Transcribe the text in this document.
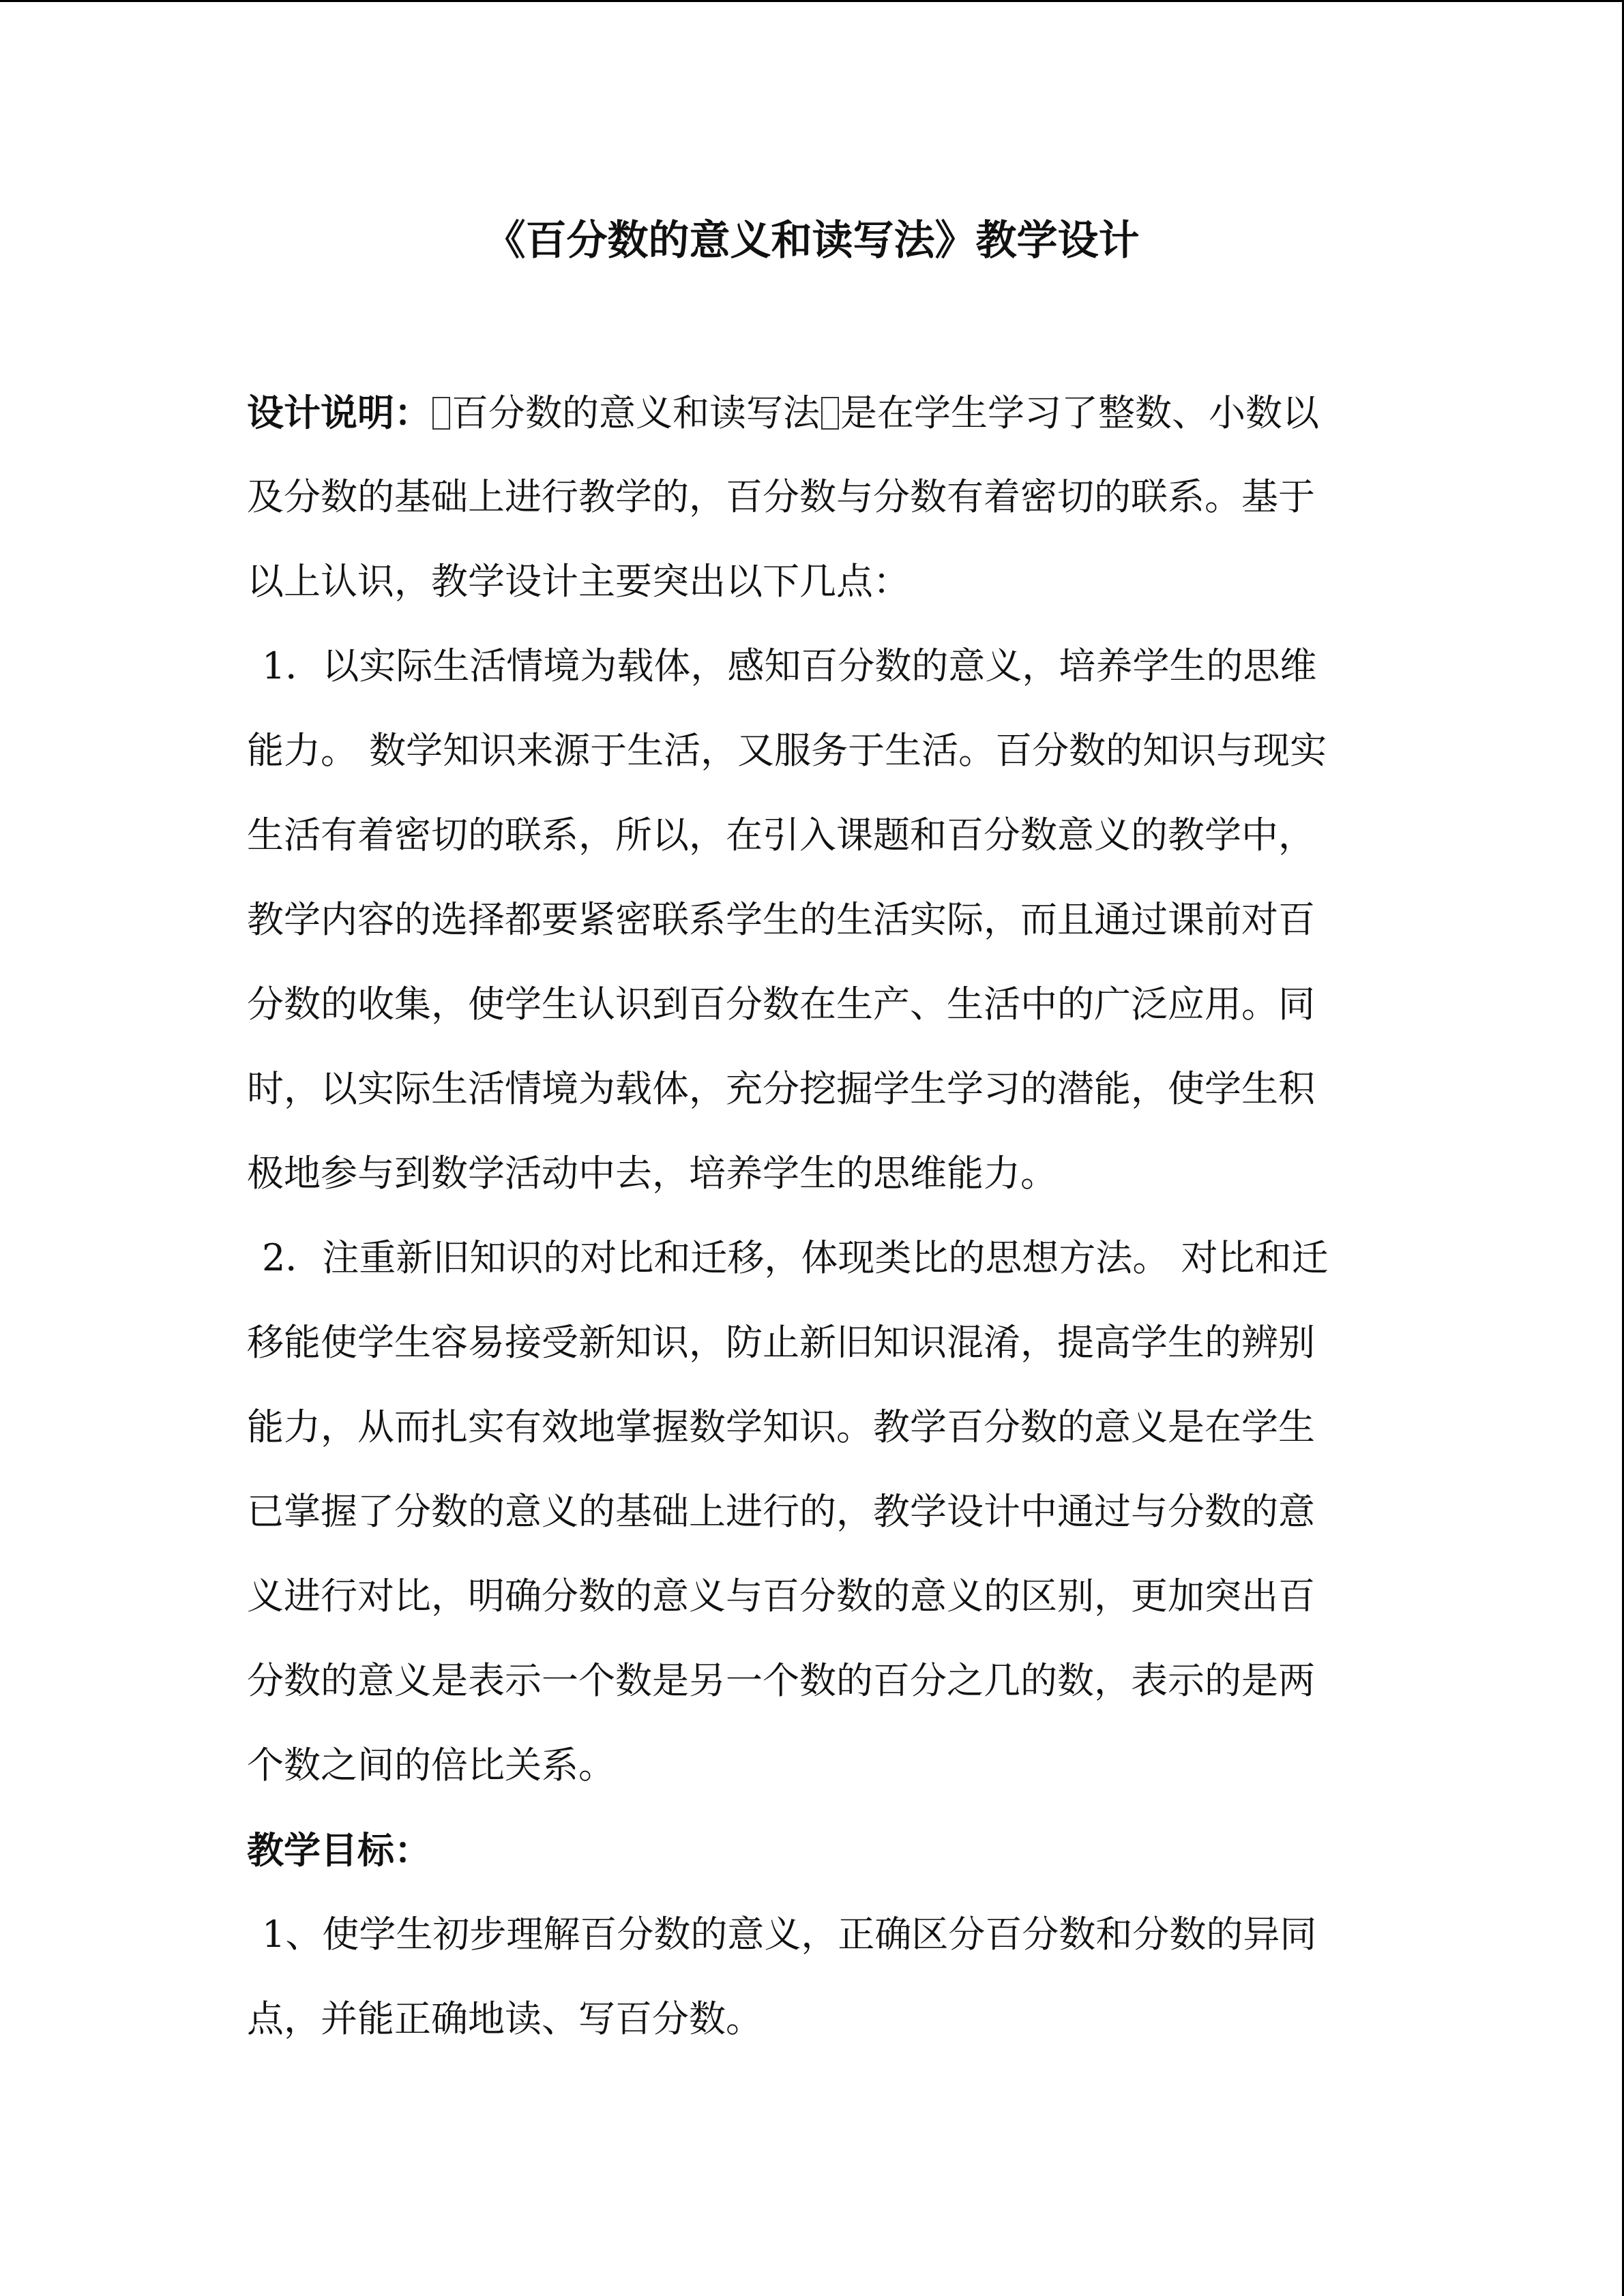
《百分数的意义和读写法》教学设计

设计说明： 百分数的意义和读写法 是在学生学习了整数、小数以

及分数的基础上进行教学的，百分数与分数有着密切的联系。基于

以上认识，教学设计主要突出以下几点：

1．以实际生活情境为载体，感知百分数的意义，培养学生的思维

能力。 数学知识来源于生活，又服务于生活。百分数的知识与现实

生活有着密切的联系，所以，在引入课题和百分数意义的教学中，

教学内容的选择都要紧密联系学生的生活实际，而且通过课前对百

分数的收集，使学生认识到百分数在生产、生活中的广泛应用。同

时，以实际生活情境为载体，充分挖掘学生学习的潜能，使学生积

极地参与到数学活动中去，培养学生的思维能力。

2．注重新旧知识的对比和迁移，体现类比的思想方法。 对比和迁

移能使学生容易接受新知识，防止新旧知识混淆，提高学生的辨别

能力，从而扎实有效地掌握数学知识。教学百分数的意义是在学生

已掌握了分数的意义的基础上进行的，教学设计中通过与分数的意

义进行对比，明确分数的意义与百分数的意义的区别，更加突出百

分数的意义是表示一个数是另一个数的百分之几的数，表示的是两

个数之间的倍比关系。

教学目标：

1、使学生初步理解百分数的意义，正确区分百分数和分数的异同

点，并能正确地读、写百分数。
